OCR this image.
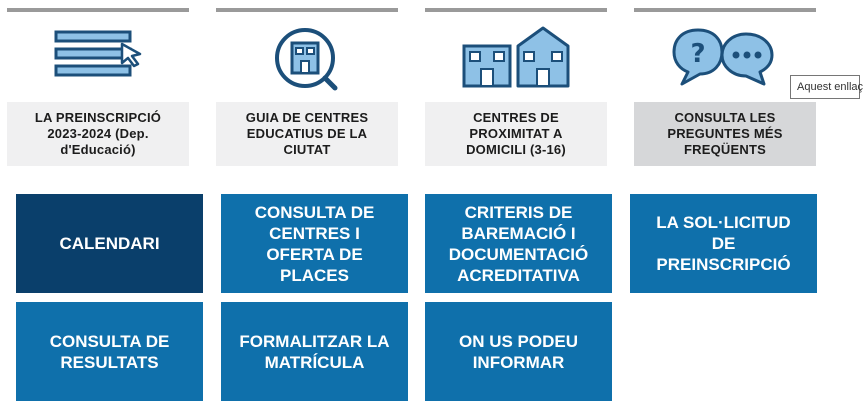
LA PREINSCRIPCIÓ 2023-2024 (Dep. d'Educació)
GUIA DE CENTRES EDUCATIUS DE LA CIUTAT
CENTRES DE PROXIMITAT A DOMICILI (3-16)
?
CONSULTA LES PREGUNTES MÉS FREQÜENTS
Aquest enllaç
CALENDARI
CONSULTA DE CENTRES I OFERTA DE PLACES
CRITERIS DE BAREMACIÓ I DOCUMENTACIÓ ACREDITATIVA
LA SOL·LICITUD DE PREINSCRIPCIÓ
CONSULTA DE RESULTATS
FORMALITZAR LA MATRÍCULA
ON US PODEU INFORMAR
